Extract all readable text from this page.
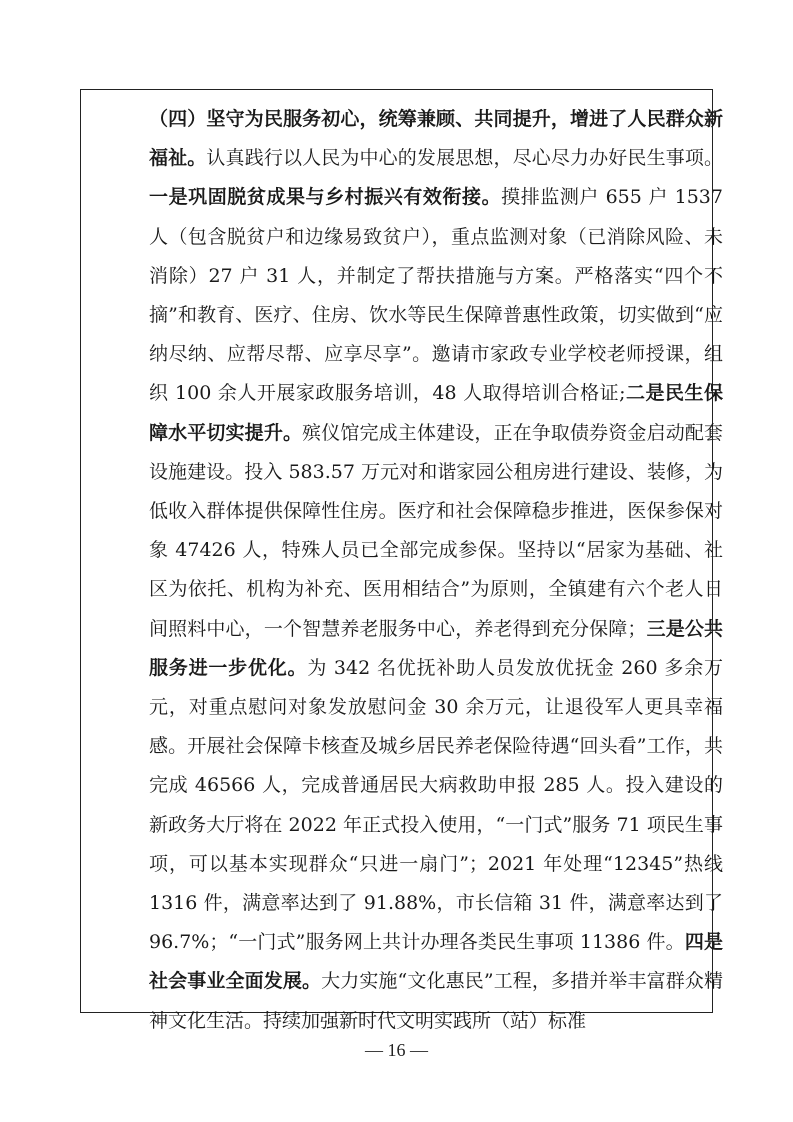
（四）坚守为民服务初心，统筹兼顾、共同提升，增进了人民群众新福祉。认真践行以人民为中心的发展思想，尽心尽力办好民生事项。一是巩固脱贫成果与乡村振兴有效衔接。摸排监测户 655 户 1537 人（包含脱贫户和边缘易致贫户），重点监测对象（已消除风险、未消除）27 户 31 人，并制定了帮扶措施与方案。严格落实“四个不摘”和教育、医疗、住房、饮水等民生保障普惠性政策，切实做到“应纳尽纳、应帮尽帮、应享尽享”。邀请市家政专业学校老师授课，组织 100 余人开展家政服务培训，48 人取得培训合格证;二是民生保障水平切实提升。殡仪馆完成主体建设，正在争取债券资金启动配套设施建设。投入 583.57 万元对和谐家园公租房进行建设、装修，为低收入群体提供保障性住房。医疗和社会保障稳步推进，医保参保对象 47426 人，特殊人员已全部完成参保。坚持以“居家为基础、社区为依托、机构为补充、医用相结合”为原则，全镇建有六个老人日间照料中心，一个智慧养老服务中心，养老得到充分保障；三是公共服务进一步优化。为 342 名优抚补助人员发放优抚金 260 多余万元，对重点慰问对象发放慰问金 30 余万元，让退役军人更具幸福感。开展社会保障卡核查及城乡居民养老保险待遇“回头看”工作，共完成 46566 人，完成普通居民大病救助申报 285 人。投入建设的新政务大厅将在 2022 年正式投入使用，“一门式”服务 71 项民生事项，可以基本实现群众“只进一扇门”；2021 年处理“12345”热线 1316 件，满意率达到了 91.88%，市长信箱 31 件，满意率达到了 96.7%；“一门式”服务网上共计办理各类民生事项 11386 件。四是社会事业全面发展。大力实施“文化惠民”工程，多措并举丰富群众精神文化生活。持续加强新时代文明实践所（站）标准

— 16 —
